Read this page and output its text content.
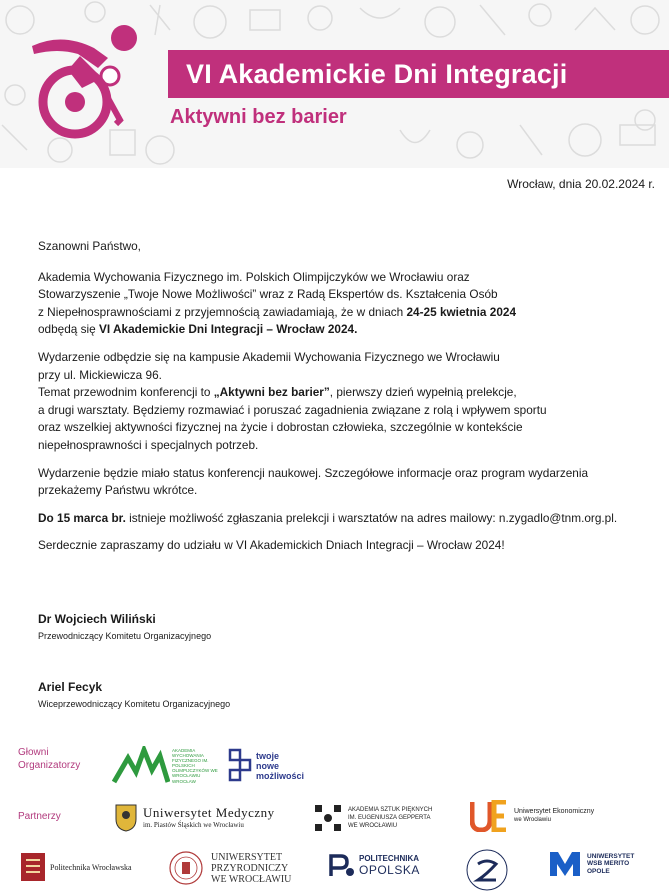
VI Akademickie Dni Integracji
Aktywni bez barier
Wrocław, dnia 20.02.2024 r.

Szanowni Państwo,

Akademia Wychowania Fizycznego im. Polskich Olimpijczyków we Wrocławiu oraz
Stowarzyszenie „Twoje Nowe Możliwości” wraz z Radą Ekspertów ds. Kształcenia Osób
z Niepełnosprawnościami z przyjemnością zawiadamiają, że w dniach 24-25 kwietnia 2024
odbędą się VI Akademickie Dni Integracji – Wrocław 2024.

Wydarzenie odbędzie się na kampusie Akademii Wychowania Fizycznego we Wrocławiu
przy ul. Mickiewicza 96.
Temat przewodnim konferencji to „Aktywni bez barier”, pierwszy dzień wypełnią prelekcje,
a drugi warsztaty. Będziemy rozmawiać i poruszać zagadnienia związane z rolą i wpływem sportu
oraz wszelkiej aktywności fizycznej na życie i dobrostan człowieka, szczególnie w kontekście
niepełnosprawności i specjalnych potrzeb.

Wydarzenie będzie miało status konferencji naukowej. Szczegółowe informacje oraz program wydarzenia
przekażemy Państwu wkrótce.

Do 15 marca br. istnieje możliwość zgłaszania prelekcji i warsztatów na adres mailowy: n.zygadlo@tnm.org.pl.

Serdecznie zapraszamy do udziału w VI Akademickich Dniach Integracji – Wrocław 2024!

Dr Wojciech Wiliński
Przewodniczący Komitetu Organizacyjnego
Ariel Fecyk
Wiceprzewodniczący Komitetu Organizacyjnego
Głowni
Organizatorzy
Partnerzy
AKADEMIA WYCHOWANIA FIZYCZNEGO IM. POLSKICH OLIMPIJCZYKÓW WE WROCŁAWIU
WROCŁAW
twoje
nowe
możliwości
Uniwersytet Medyczny
im. Piastów Śląskich we Wrocławiu
AKADEMIA SZTUK PIĘKNYCH
IM. EUGENIUSZA GEPPERTA
WE WROCŁAWIU
Uniwersytet Ekonomiczny
we Wrocławiu
Politechnika Wrocławska
UNIWERSYTET
PRZYRODNICZY
WE WROCŁAWIU
POLITECHNIKA
OPOLSKA
UNIWERSYTET
WSB MERITO
OPOLE
